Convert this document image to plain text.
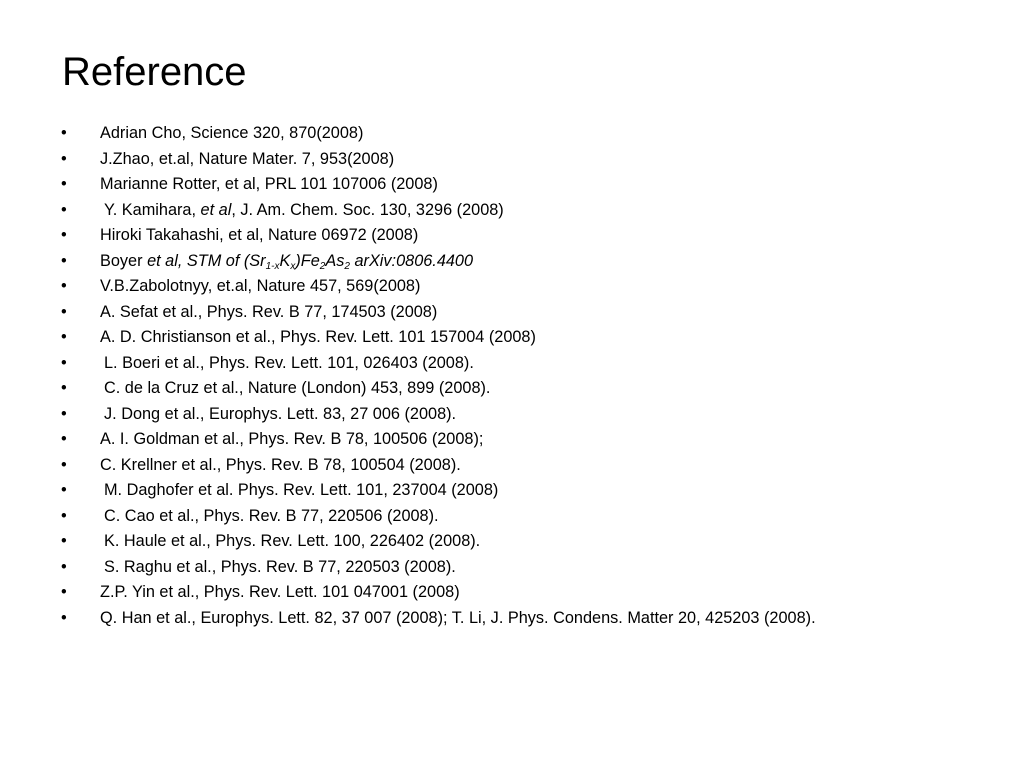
Reference
• Adrian Cho, Science 320, 870(2008)
• J.Zhao, et.al, Nature Mater. 7, 953(2008)
• Marianne Rotter, et al, PRL 101 107006 (2008)
• Y. Kamihara, et al, J. Am. Chem. Soc. 130, 3296 (2008)
• Hiroki Takahashi, et al, Nature 06972 (2008)
• Boyer et al, STM of $(Sr_{1-x}K_x)Fe_2As_2$ arXiv:0806.4400
• V.B.Zabolotnyy, et.al, Nature 457, 569(2008)
• A. Sefat et al., Phys. Rev. B 77, 174503 (2008)
• A. D. Christianson et al., Phys. Rev. Lett. 101 157004 (2008)
• L. Boeri et al., Phys. Rev. Lett. 101, 026403 (2008).
• C. de la Cruz et al., Nature (London) 453, 899 (2008).
• J. Dong et al., Europhys. Lett. 83, 27 006 (2008).
• A. I. Goldman et al., Phys. Rev. B 78, 100506 (2008);
• C. Krellner et al., Phys. Rev. B 78, 100504 (2008).
• M. Daghofer et al. Phys. Rev. Lett. 101, 237004 (2008)
• C. Cao et al., Phys. Rev. B 77, 220506 (2008).
• K. Haule et al., Phys. Rev. Lett. 100, 226402 (2008).
• S. Raghu et al., Phys. Rev. B 77, 220503 (2008).
• Z.P. Yin et al., Phys. Rev. Lett. 101 047001 (2008)
• Q. Han et al., Europhys. Lett. 82, 37 007 (2008); T. Li, J. Phys. Condens. Matter 20, 425203 (2008).
